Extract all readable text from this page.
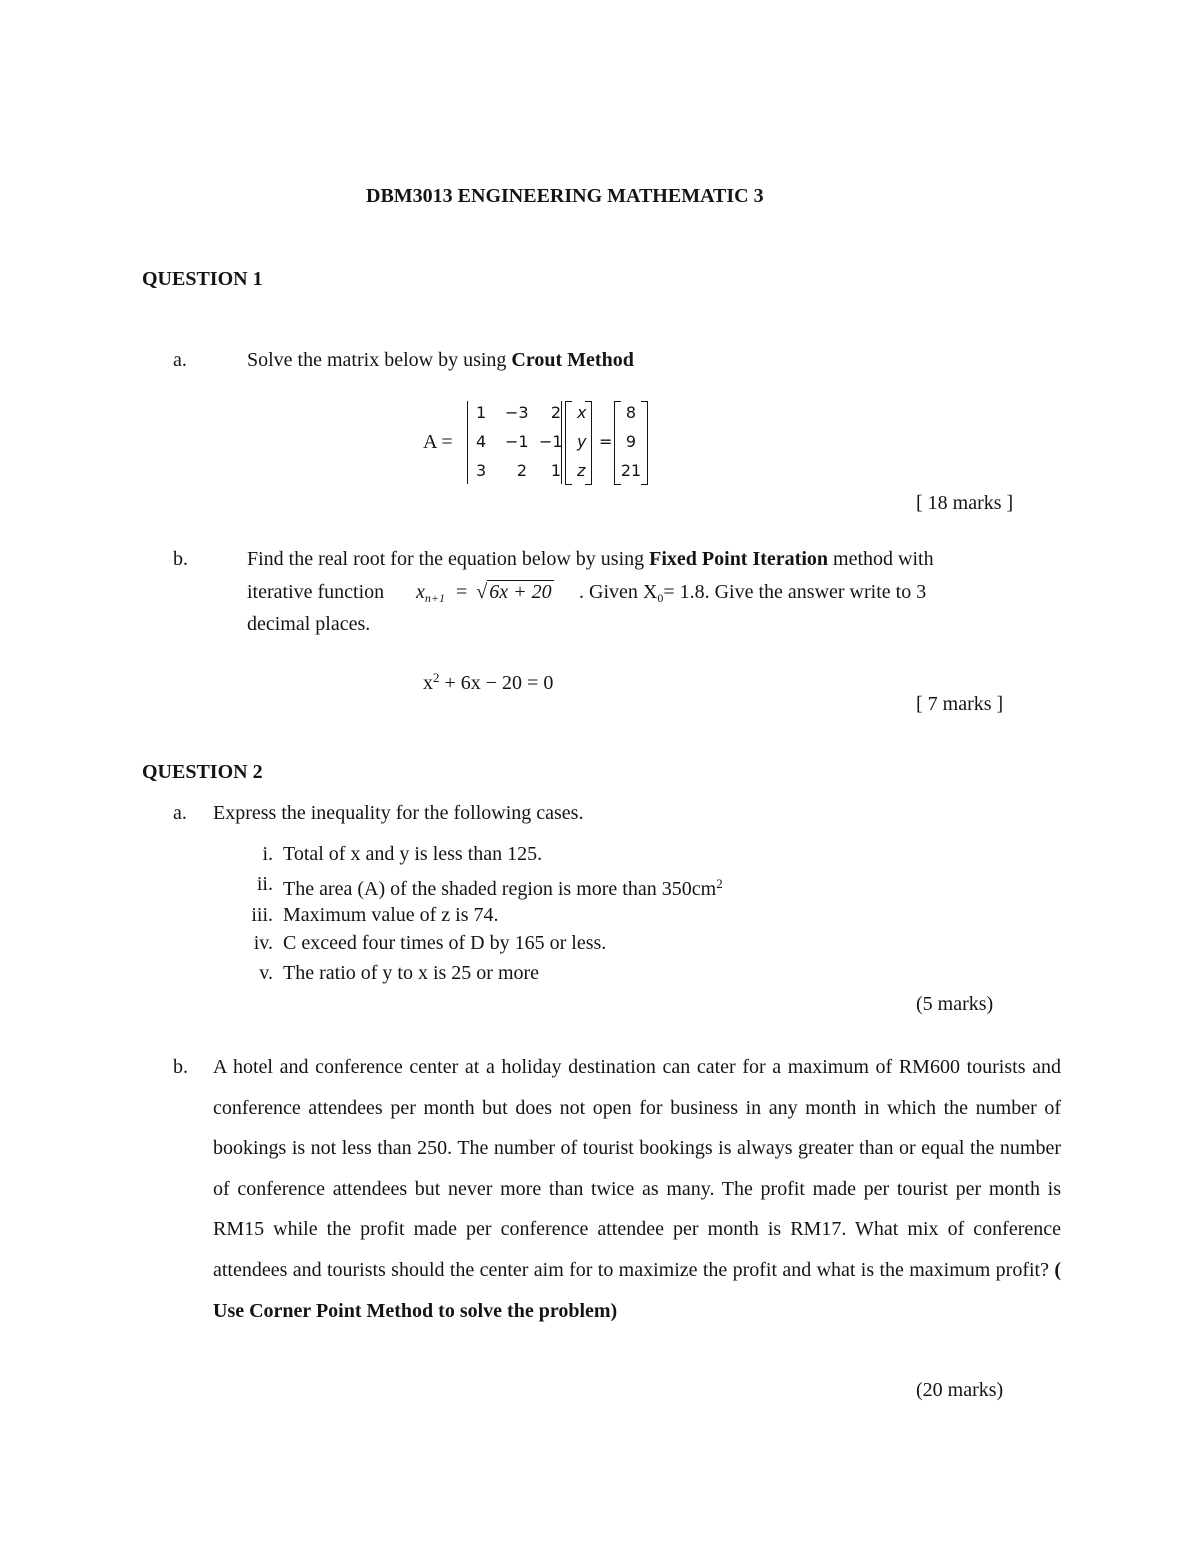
DBM3013 ENGINEERING MATHEMATIC 3
QUESTION 1
a.	Solve the matrix below by using Crout Method
A =
1 −3	2
4 −1 −1
3	2	1
x
y
z
=
8
9
21
[ 18 marks ]
b.	Find the real root for the equation below by using Fixed Point Iteration method with
iterative function $x_{n+1}$ = √ 6x + 20 . Given $X_0= 1.8$. Give the answer write to 3
decimal places.
$x^2 + 6x - 20 = 0$
[ 7 marks ]
QUESTION 2
a. Express the inequality for the following cases.
i. Total of x and y is less than 125.
ii. The area (A) of the shaded region is more than $350cm^2$
iii. Maximum value of z is 74.
iv. C exceed four times of D by 165 or less.
v. The ratio of y to x is 25 or more
(5 marks)
b. A hotel and conference center at a holiday destination can cater for a maximum of RM600 tourists and conference attendees per month but does not open for business in any month in which the number of bookings is not less than 250. The number of tourist bookings is always greater than or equal the number of conference attendees but never more than twice as many. The profit made per tourist per month is RM15 while the profit made per conference attendee per month is RM17. What mix of conference attendees and tourists should the center aim for to maximize the profit and what is the maximum profit? ( Use Corner Point Method to solve the problem)
(20 marks)
